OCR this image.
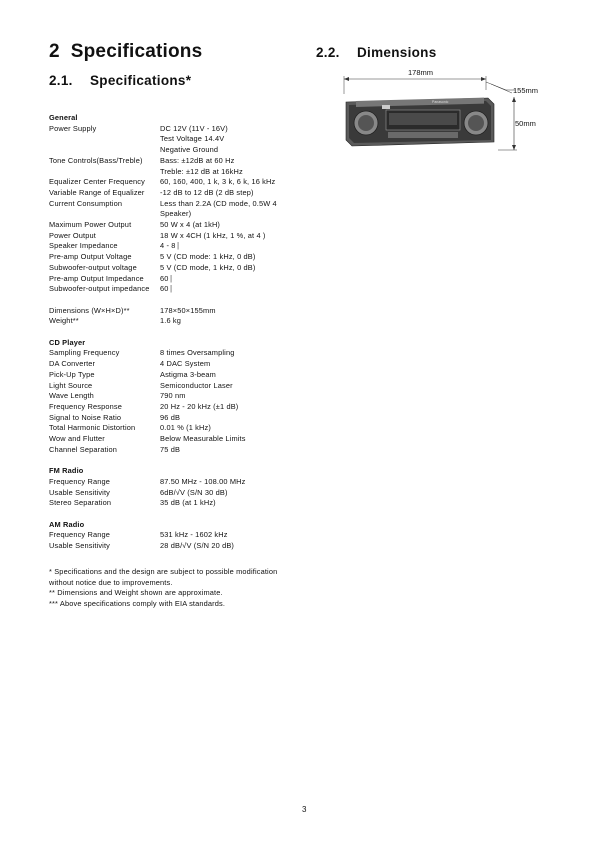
2 Specifications
2.1. Specifications*
2.2. Dimensions
General
Power Supply	DC 12V (11V - 16V)
Test Voltage 14.4V
Negative Ground
Tone Controls(Bass/Treble)	Bass: ±12dB at 60 Hz
Treble: ±12 dB at 16kHz
Equalizer Center Frequency	60, 160, 400, 1 k, 3 k, 6 k, 16 kHz
Variable Range of Equalizer	-12 dB to 12 dB (2 dB step)
Current Consumption	Less than 2.2A (CD mode, 0.5W 4
Speaker)
Maximum Power Output	50 W x 4 (at 1kH)
Power Output	18 W x 4CH (1 kHz, 1 %, at 4 )
Speaker Impedance	4 - 8 ⎸
Pre-amp Output Voltage	5 V (CD mode: 1 kHz, 0 dB)
Subwoofer-output voltage	5 V (CD mode, 1 kHz, 0 dB)
Pre-amp Output Impedance	60 ⎸
Subwoofer-output impedance	60 ⎸
Dimensions (W×H×D)**	178×50×155mm
Weight**	1.6 kg
CD Player
Sampling Frequency	8 times Oversampling
DA Converter	4 DAC System
Pick-Up Type	Astigma 3-beam
Light Source	Semiconductor Laser
Wave Length	790 nm
Frequency Response	20 Hz - 20 kHz (±1 dB)
Signal to Noise Ratio	96 dB
Total Harmonic Distortion	0.01 % (1 kHz)
Wow and Flutter	Below Measurable Limits
Channel Separation	75 dB
FM Radio
Frequency Range	87.50 MHz - 108.00 MHz
Usable Sensitivity	6dB/√V (S/N 30 dB)
Stereo Separation	35 dB (at 1 kHz)
AM Radio
Frequency Range	531 kHz - 1602 kHz
Usable Sensitivity	28 dB/√V (S/N 20 dB)
* Specifications and the design are subject to possible modification
without notice due to improvements.
** Dimensions and Weight shown are approximate.
*** Above specifications comply with EIA standards.
178mm
155mm
50mm
Panasonic
3
